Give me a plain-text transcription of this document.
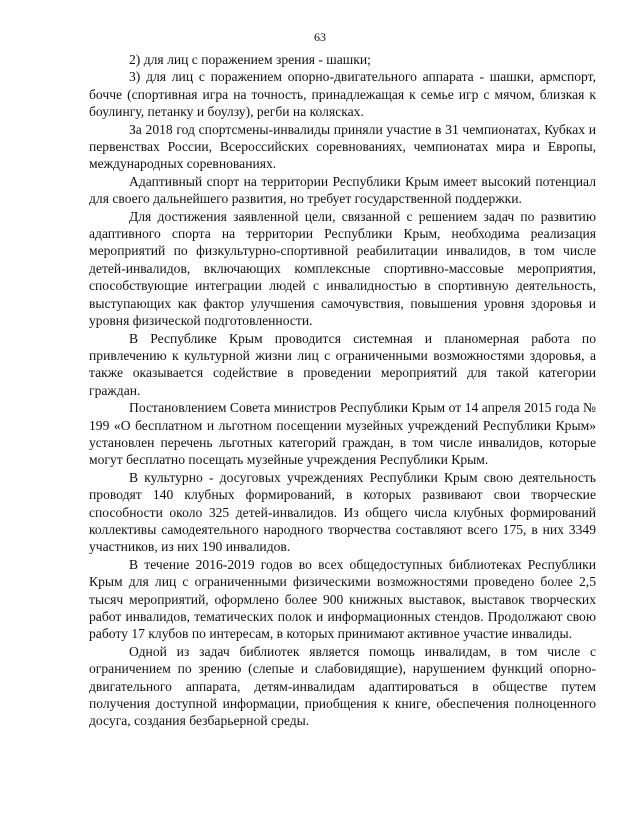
63

2) для лиц с поражением зрения - шашки;

3) для лиц с поражением опорно-двигательного аппарата - шашки, армспорт, бочче (спортивная игра на точность, принадлежащая к семье игр с мячом, близкая к боулингу, петанку и боулзу), регби на колясках.

За 2018 год спортсмены-инвалиды приняли участие в 31 чемпионатах, Кубках и первенствах России, Всероссийских соревнованиях, чемпионатах мира и Европы, международных соревнованиях.

Адаптивный спорт на территории Республики Крым имеет высокий потенциал для своего дальнейшего развития, но требует государственной поддержки.

Для достижения заявленной цели, связанной с решением задач по развитию адаптивного спорта на территории Республики Крым, необходима реализация мероприятий по физкультурно-спортивной реабилитации инвалидов, в том числе детей-инвалидов, включающих комплексные спортивно-массовые мероприятия, способствующие интеграции людей с инвалидностью в спортивную деятельность, выступающих как фактор улучшения самочувствия, повышения уровня здоровья и уровня физической подготовленности.

В Республике Крым проводится системная и планомерная работа по привлечению к культурной жизни лиц с ограниченными возможностями здоровья, а также оказывается содействие в проведении мероприятий для такой категории граждан.

Постановлением Совета министров Республики Крым от 14 апреля 2015 года № 199 «О бесплатном и льготном посещении музейных учреждений Республики Крым» установлен перечень льготных категорий граждан, в том числе инвалидов, которые могут бесплатно посещать музейные учреждения Республики Крым.

В культурно - досуговых учреждениях Республики Крым свою деятельность проводят 140 клубных формирований, в которых развивают свои творческие способности около 325 детей-инвалидов. Из общего числа клубных формирований коллективы самодеятельного народного творчества составляют всего 175, в них 3349 участников, из них 190 инвалидов.

В течение 2016-2019 годов во всех общедоступных библиотеках Республики Крым для лиц с ограниченными физическими возможностями проведено более 2,5 тысяч мероприятий, оформлено более 900 книжных выставок, выставок творческих работ инвалидов, тематических полок и информационных стендов. Продолжают свою работу 17 клубов по интересам, в которых принимают активное участие инвалиды.

Одной из задач библиотек является помощь инвалидам, в том числе с ограничением по зрению (слепые и слабовидящие), нарушением функций опорно-двигательного аппарата, детям-инвалидам адаптироваться в обществе путем получения доступной информации, приобщения к книге, обеспечения полноценного досуга, создания безбарьерной среды.
